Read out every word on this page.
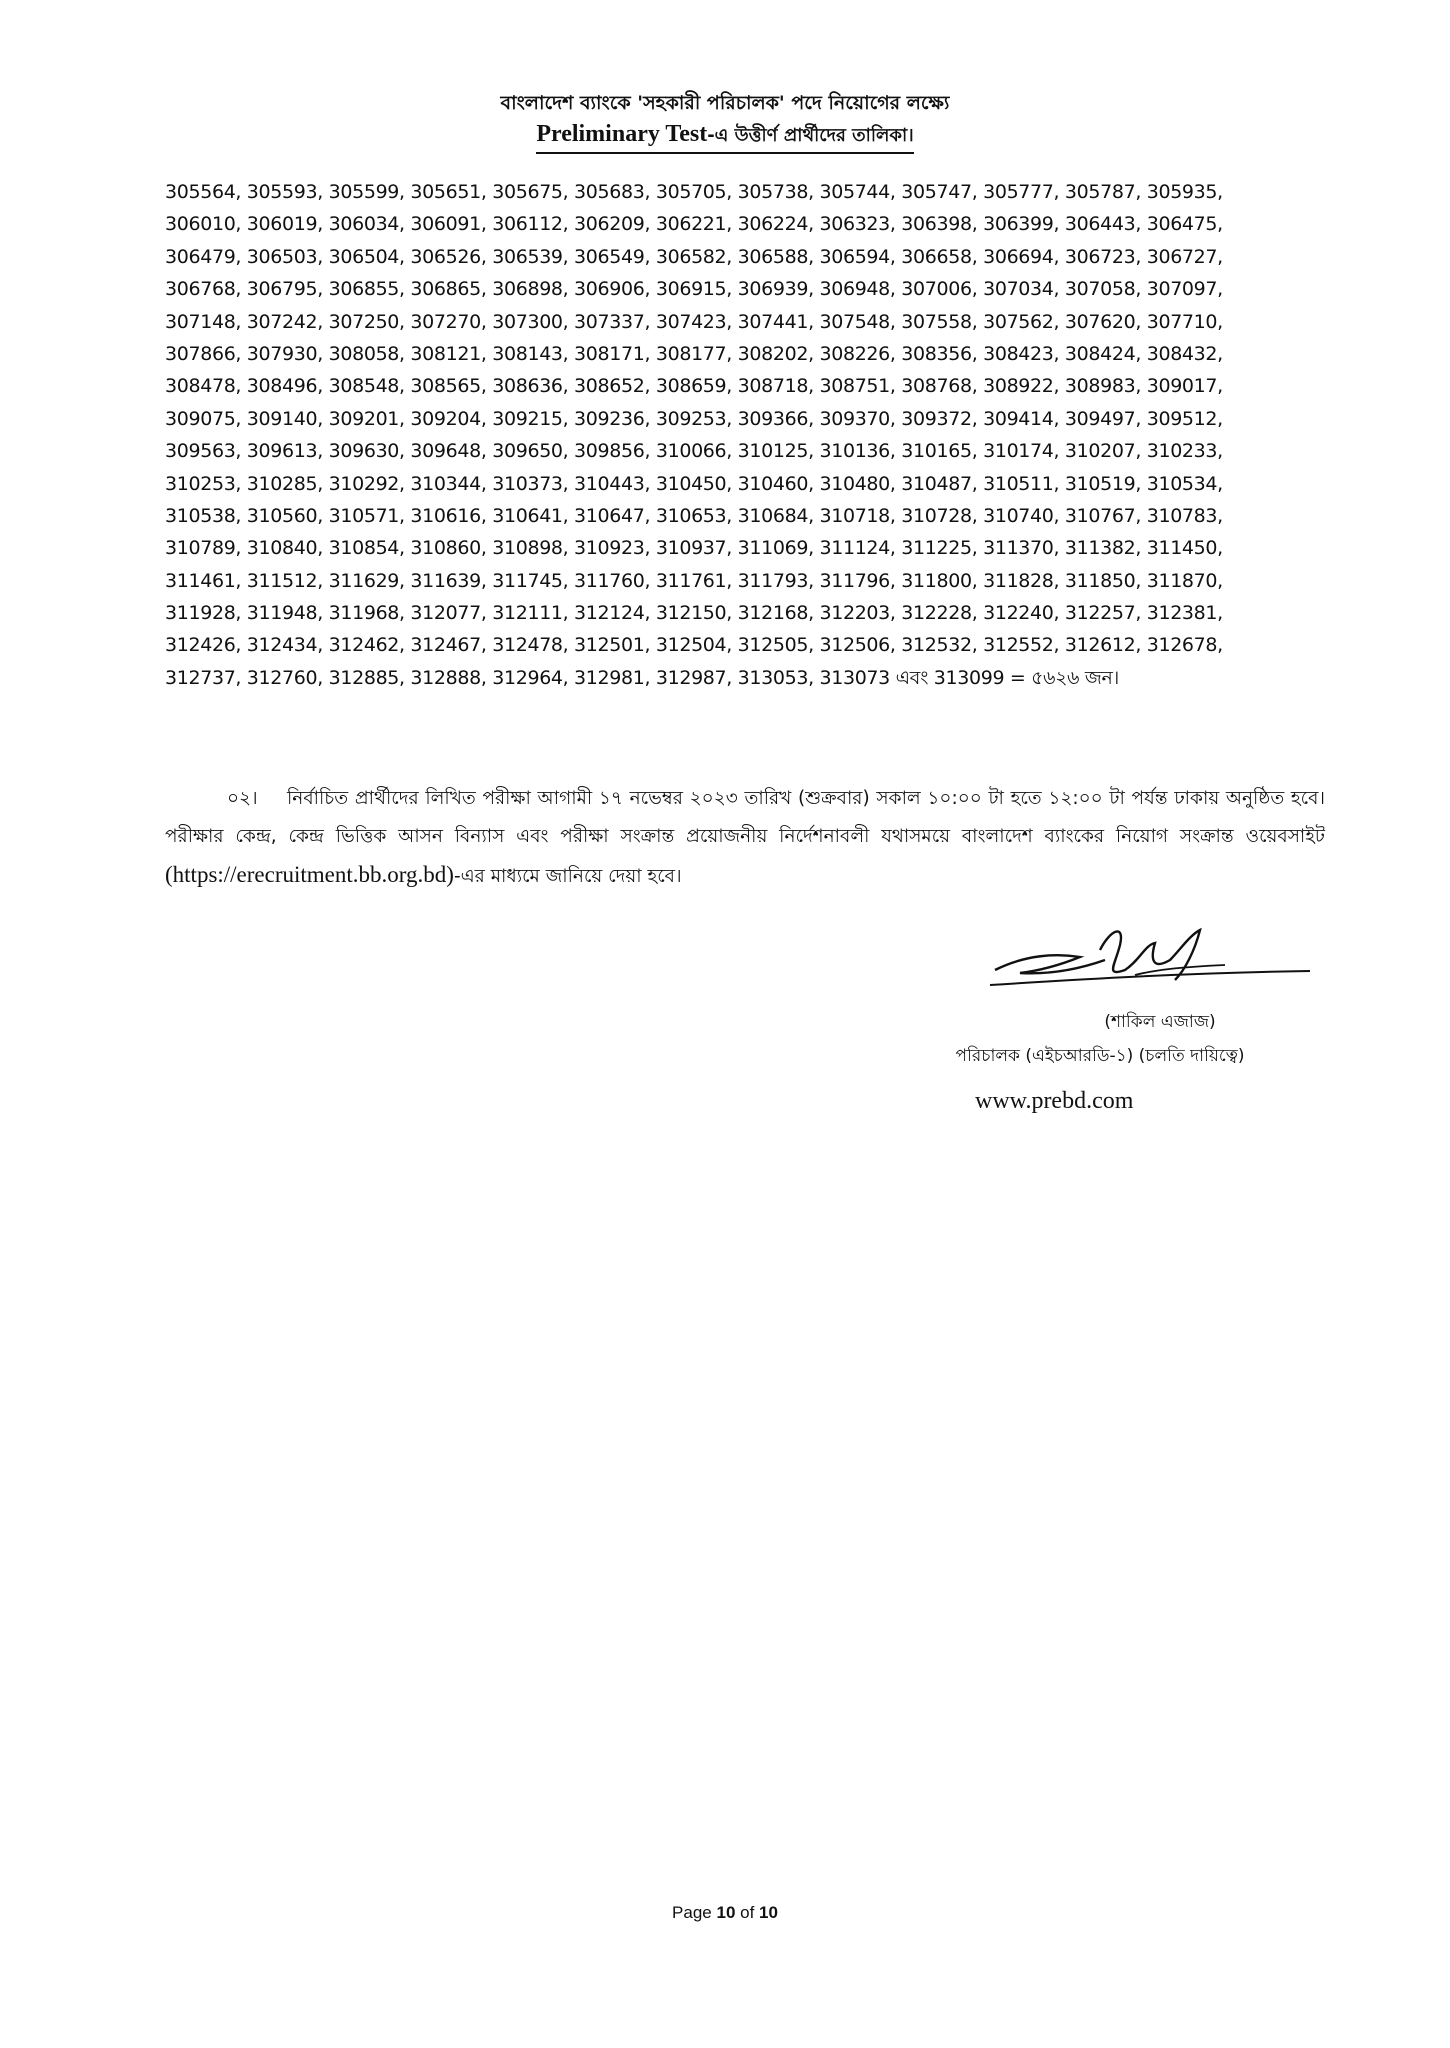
বাংলাদেশ ব্যাংকে 'সহকারী পরিচালক' পদে নিয়োগের লক্ষ্যে
Preliminary Test-এ উত্তীর্ণ প্রার্থীদের তালিকা।
305564, 305593, 305599, 305651, 305675, 305683, 305705, 305738, 305744, 305747, 305777, 305787, 305935,
306010, 306019, 306034, 306091, 306112, 306209, 306221, 306224, 306323, 306398, 306399, 306443, 306475,
306479, 306503, 306504, 306526, 306539, 306549, 306582, 306588, 306594, 306658, 306694, 306723, 306727,
306768, 306795, 306855, 306865, 306898, 306906, 306915, 306939, 306948, 307006, 307034, 307058, 307097,
307148, 307242, 307250, 307270, 307300, 307337, 307423, 307441, 307548, 307558, 307562, 307620, 307710,
307866, 307930, 308058, 308121, 308143, 308171, 308177, 308202, 308226, 308356, 308423, 308424, 308432,
308478, 308496, 308548, 308565, 308636, 308652, 308659, 308718, 308751, 308768, 308922, 308983, 309017,
309075, 309140, 309201, 309204, 309215, 309236, 309253, 309366, 309370, 309372, 309414, 309497, 309512,
309563, 309613, 309630, 309648, 309650, 309856, 310066, 310125, 310136, 310165, 310174, 310207, 310233,
310253, 310285, 310292, 310344, 310373, 310443, 310450, 310460, 310480, 310487, 310511, 310519, 310534,
310538, 310560, 310571, 310616, 310641, 310647, 310653, 310684, 310718, 310728, 310740, 310767, 310783,
310789, 310840, 310854, 310860, 310898, 310923, 310937, 311069, 311124, 311225, 311370, 311382, 311450,
311461, 311512, 311629, 311639, 311745, 311760, 311761, 311793, 311796, 311800, 311828, 311850, 311870,
311928, 311948, 311968, 312077, 312111, 312124, 312150, 312168, 312203, 312228, 312240, 312257, 312381,
312426, 312434, 312462, 312467, 312478, 312501, 312504, 312505, 312506, 312532, 312552, 312612, 312678,
312737, 312760, 312885, 312888, 312964, 312981, 312987, 313053, 313073 এবং 313099 = ৫৬২৬ জন।
০২। নির্বাচিত প্রার্থীদের লিখিত পরীক্ষা আগামী ১৭ নভেম্বর ২০২৩ তারিখ (শুক্রবার) সকাল ১০:০০ টা হতে ১২:০০ টা পর্যন্ত ঢাকায় অনুষ্ঠিত হবে। পরীক্ষার কেন্দ্র, কেন্দ্র ভিত্তিক আসন বিন্যাস এবং পরীক্ষা সংক্রান্ত প্রয়োজনীয় নির্দেশনাবলী যথাসময়ে বাংলাদেশ ব্যাংকের নিয়োগ সংক্রান্ত ওয়েবসাইট (https://erecruitment.bb.org.bd)-এর মাধ্যমে জানিয়ে দেয়া হবে।
(শাকিল এজাজ)
পরিচালক (এইচআরডি-১) (চলতি দায়িত্বে)
www.prebd.com
Page 10 of 10
